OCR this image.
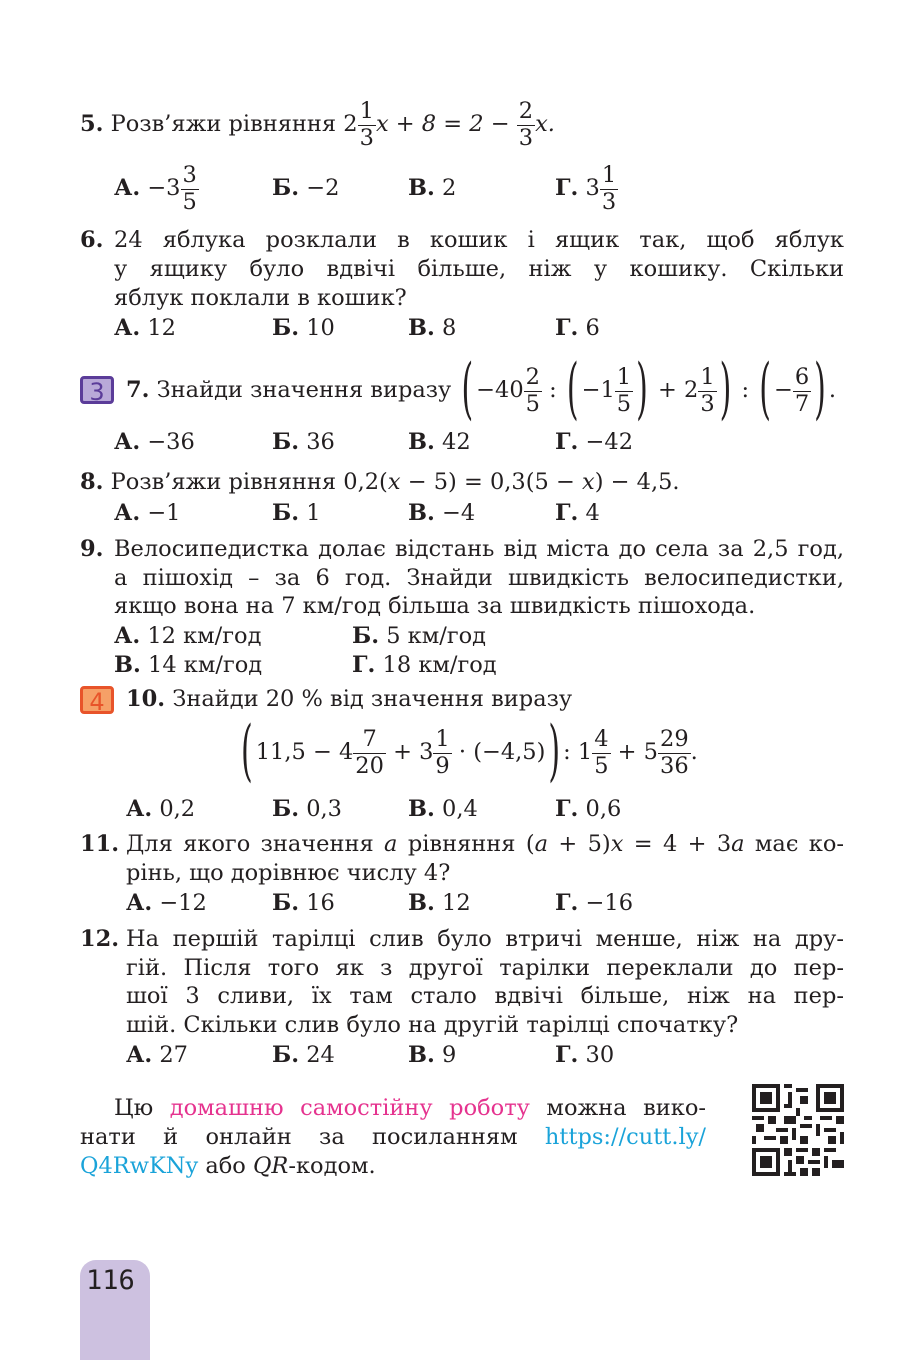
5. Розв’яжи рівняння $2 \frac{1}{3}$ $x + 8 = 2 - \frac{2}{3} x$.
А. $-3 \frac{3}{5}$	Б. −2	В. 2	Г. $3 \frac{1}{3}$
6. 24 яблука розклали в кошик і ящик так, щоб яблук
у ящику було вдвічі більше, ніж у кошику. Скільки
яблук поклали в кошик?
А. 12	Б. 10	В. 8	Г. 6
3 7. Знайди значення виразу ( $-40 \frac{2}{5}$ : ( $-1 \frac{1}{5}$ ) + $2 \frac{1}{3}$ ) : ( − $\frac{6}{7}$ ) .
А. −36	Б. 36	В. 42	Г. −42
8. Розв’яжи рівняння 0,2(x − 5) = 0,3(5 − x) − 4,5.
А. −1	Б. 1	В. −4	Г. 4
9. Велосипедистка долає відстань від міста до села за 2,5 год,
а пішохід – за 6 год. Знайди швидкість велосипедистки,
якщо вона на 7 км/год більша за швидкість пішохода.
А. 12 км/год	Б. 5 км/год
В. 14 км/год	Г. 18 км/год
4 10. Знайди 20 % від значення виразу
( $11,5 - 4 \frac{7}{20} + 3 \frac{1}{9} \cdot (-4,5)$ ) : $1 \frac{4}{5} + 5 \frac{29}{36}$ .
А. 0,2	Б. 0,3	В. 0,4	Г. 0,6
11. Для якого значення a рівняння (a + 5)x = 4 + 3a має ко-
рінь, що дорівнює числу 4?
А. −12	Б. 16	В. 12	Г. −16
12. На першій тарілці слив було втричі менше, ніж на дру-
гій. Після того як з другої тарілки переклали до пер-
шої 3 сливи, їх там стало вдвічі більше, ніж на пер-
шій. Скільки слив було на другій тарілці спочатку?
А. 27	Б. 24	В. 9	Г. 30
Цю домашню самостійну роботу можна вико-
нати й онлайн за посиланням https://cutt.ly/
Q4RwKNy або QR-кодом.
116
